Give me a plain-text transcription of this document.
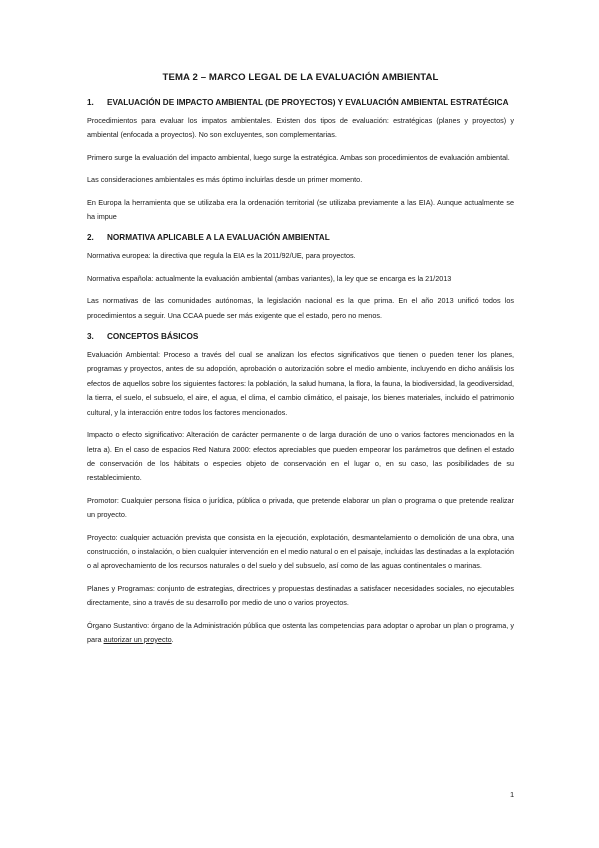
TEMA 2 – MARCO LEGAL DE LA EVALUACIÓN AMBIENTAL
1.	EVALUACIÓN DE IMPACTO AMBIENTAL (DE PROYECTOS) Y EVALUACIÓN AMBIENTAL ESTRATÉGICA
Procedimientos para evaluar los impatos ambientales. Existen dos tipos de evaluación: estratégicas (planes y proyectos) y ambiental (enfocada a proyectos). No son excluyentes, son complementarias.
Primero surge la evaluación del impacto ambiental, luego surge la estratégica. Ambas son procedimientos de evaluación ambiental.
Las consideraciones ambientales es más óptimo incluirlas desde un primer momento.
En Europa la herramienta que se utilizaba era la ordenación territorial (se utilizaba previamente a las EIA). Aunque actualmente se ha impue
2.	NORMATIVA APLICABLE A LA EVALUACIÓN AMBIENTAL
Normativa europea: la directiva que regula la EIA es la 2011/92/UE, para proyectos.
Normativa española: actualmente la evaluación ambiental (ambas variantes), la ley que se encarga es la 21/2013
Las normativas de las comunidades autónomas, la legislación nacional es la que prima. En el año 2013 unificó todos los procedimientos a seguir. Una CCAA puede ser más exigente que el estado, pero no menos.
3.	CONCEPTOS BÁSICOS
Evaluación Ambiental: Proceso a través del cual se analizan los efectos significativos que tienen o pueden tener los planes, programas y proyectos, antes de su adopción, aprobación o autorización sobre el medio ambiente, incluyendo en dicho análisis los efectos de aquellos sobre los siguientes factores: la población, la salud humana, la flora, la fauna, la biodiversidad, la geodiversidad, la tierra, el suelo, el subsuelo, el aire, el agua, el clima, el cambio climático, el paisaje, los bienes materiales, incluido el patrimonio cultural, y la interacción entre todos los factores mencionados.
Impacto o efecto significativo: Alteración de carácter permanente o de larga duración de uno o varios factores mencionados en la letra a). En el caso de espacios Red Natura 2000: efectos apreciables que pueden empeorar los parámetros que definen el estado de conservación de los hábitats o especies objeto de conservación en el lugar o, en su caso, las posibilidades de su restablecimiento.
Promotor: Cualquier persona física o jurídica, pública o privada, que pretende elaborar un plan o programa o que pretende realizar un proyecto.
Proyecto: cualquier actuación prevista que consista en la ejecución, explotación, desmantelamiento o demolición de una obra, una construcción, o instalación, o bien cualquier intervención en el medio natural o en el paisaje, incluidas las destinadas a la explotación o al aprovechamiento de los recursos naturales o del suelo y del subsuelo, así como de las aguas continentales o marinas.
Planes y Programas: conjunto de estrategias, directrices y propuestas destinadas a satisfacer necesidades sociales, no ejecutables directamente, sino a través de su desarrollo por medio de uno o varios proyectos.
Órgano Sustantivo: órgano de la Administración pública que ostenta las competencias para adoptar o aprobar un plan o programa, y para autorizar un proyecto.
1
